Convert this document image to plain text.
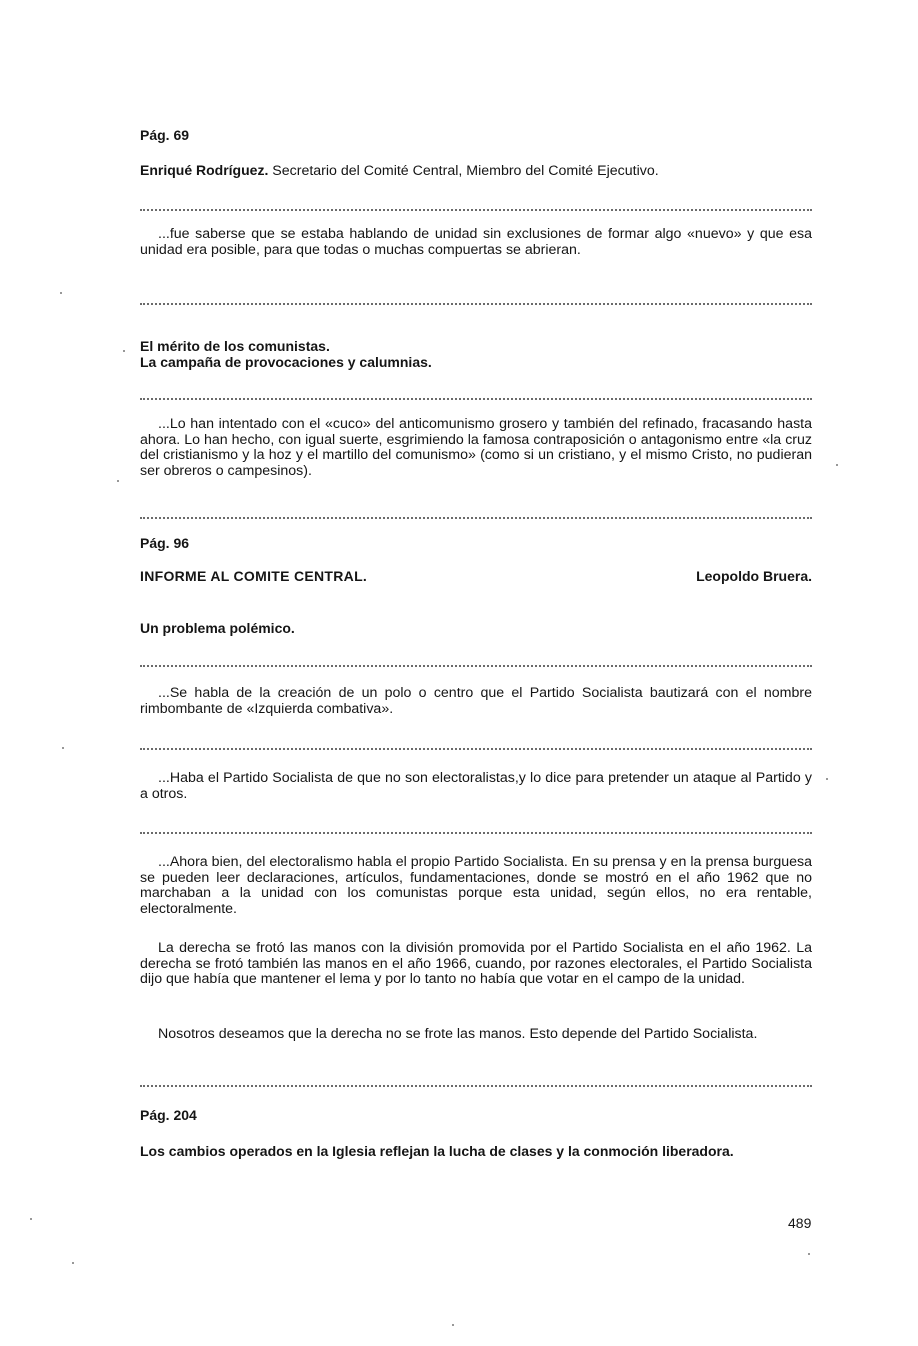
Pág. 69
Enriqué Rodríguez. Secretario del Comité Central, Miembro del Comité Ejecutivo.
...fue saberse que se estaba hablando de unidad sin exclusiones de formar algo «nuevo» y que esa unidad era posible, para que todas o muchas compuertas se abrieran.
El mérito de los comunistas.
La campaña de provocaciones y calumnias.
...Lo han intentado con el «cuco» del anticomunismo grosero y también del refinado, fracasando hasta ahora. Lo han hecho, con igual suerte, esgrimiendo la famosa contraposición o antagonismo entre «la cruz del cristianismo y la hoz y el martillo del comunismo» (como si un cristiano, y el mismo Cristo, no pudieran ser obreros o campesinos).
Pág. 96
INFORME AL COMITE CENTRAL.	Leopoldo Bruera.
Un problema polémico.
...Se habla de la creación de un polo o centro que el Partido Socialista bautizará con el nombre rimbombante de «Izquierda combativa».
...Haba el Partido Socialista de que no son electoralistas,y lo dice para pretender un ataque al Partido y a otros.
...Ahora bien, del electoralismo habla el propio Partido Socialista. En su prensa y en la prensa burguesa se pueden leer declaraciones, artículos, fundamentaciones, donde se mostró en el año 1962 que no marchaban a la unidad con los comunistas porque esta unidad, según ellos, no era rentable, electoralmente.
La derecha se frotó las manos con la división promovida por el Partido Socialista en el año 1962. La derecha se frotó también las manos en el año 1966, cuando, por razones electorales, el Partido Socialista dijo que había que mantener el lema y por lo tanto no había que votar en el campo de la unidad.
Nosotros deseamos que la derecha no se frote las manos. Esto depende del Partido Socialista.
Pág. 204
Los cambios operados en la Iglesia reflejan la lucha de clases y la conmoción liberadora.
489
